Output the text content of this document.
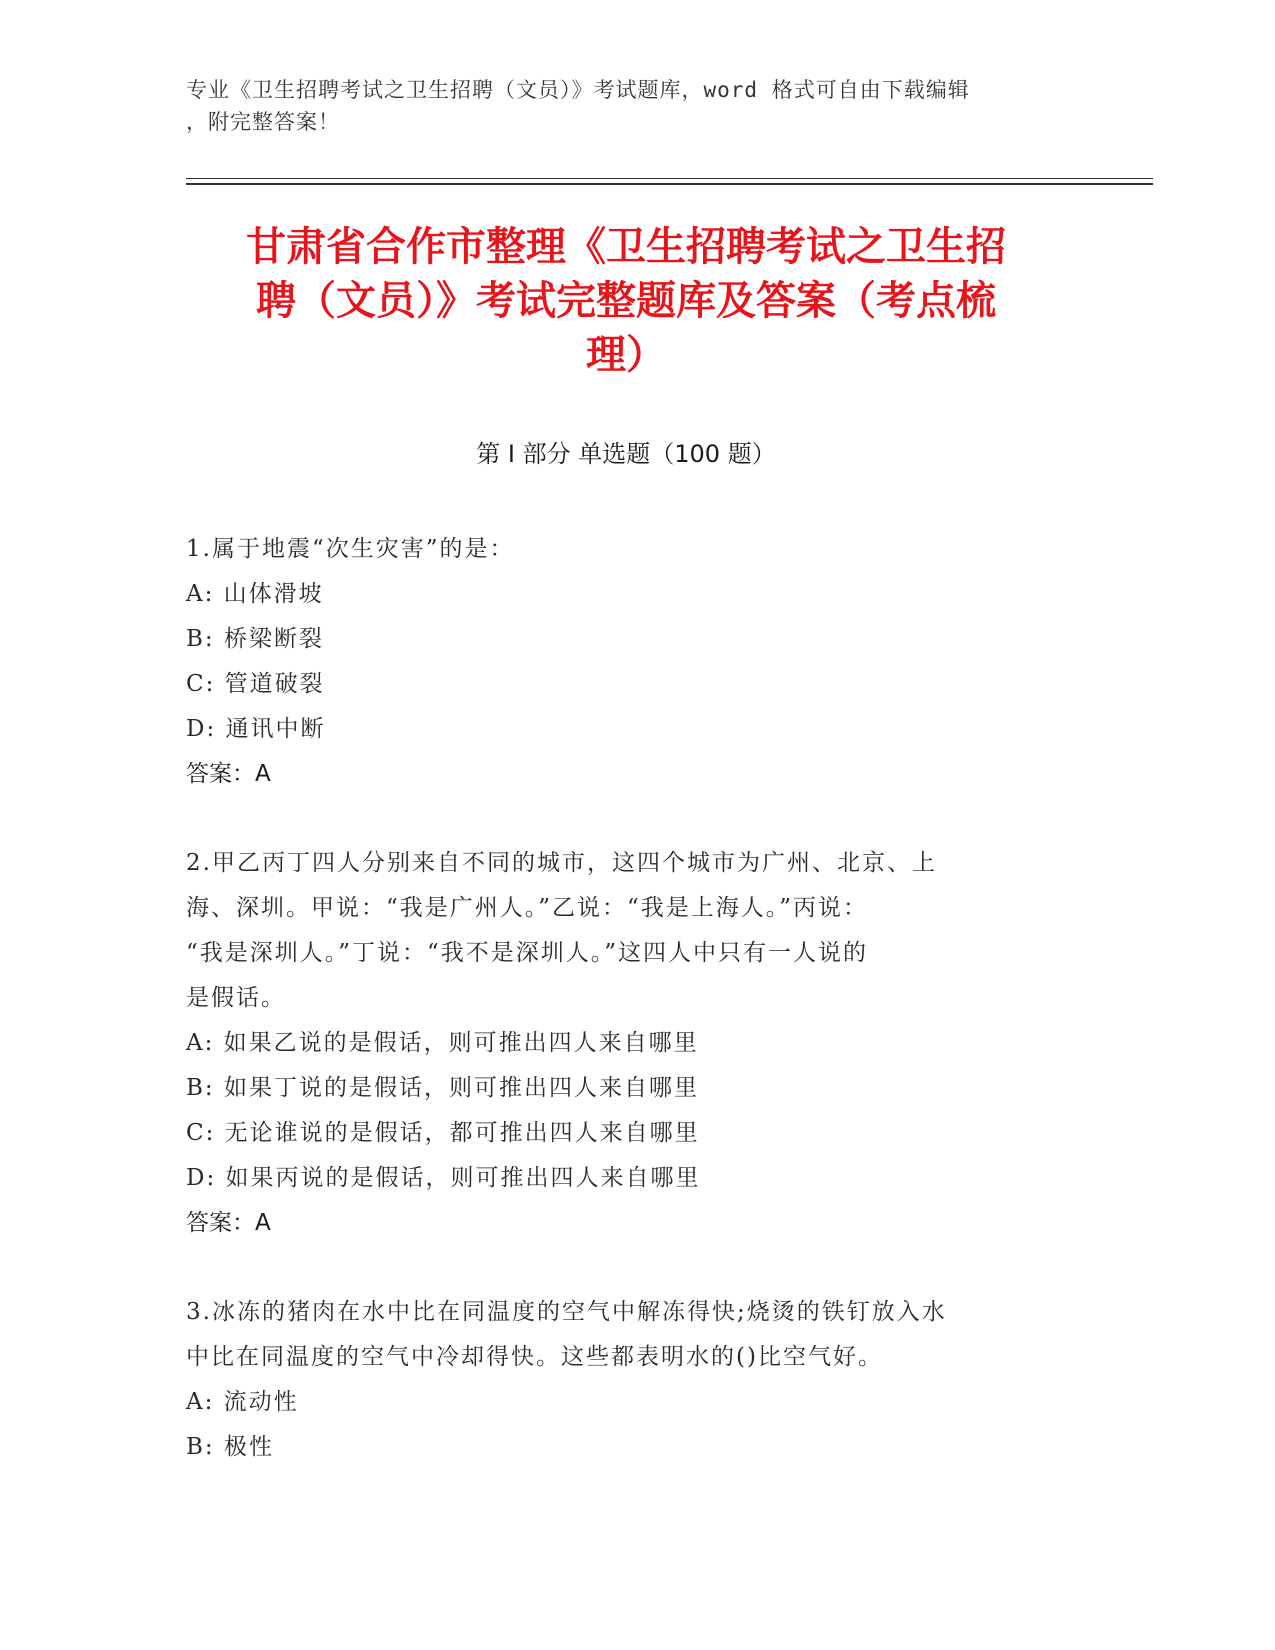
专业《卫生招聘考试之卫生招聘（文员）》考试题库，word 格式可自由下载编辑
，附完整答案！
甘肃省合作市整理《卫生招聘考试之卫生招
聘（文员）》考试完整题库及答案（考点梳
理）
第 I 部分 单选题（100 题）

1.属于地震“次生灾害”的是：

A: 山体滑坡

B: 桥梁断裂

C: 管道破裂

D: 通讯中断

答案：A

2.甲乙丙丁四人分别来自不同的城市，这四个城市为广州、北京、上

海、深圳。甲说：“我是广州人。”乙说：“我是上海人。”丙说：

“我是深圳人。”丁说：“我不是深圳人。”这四人中只有一人说的

是假话。

A: 如果乙说的是假话，则可推出四人来自哪里

B: 如果丁说的是假话，则可推出四人来自哪里

C: 无论谁说的是假话，都可推出四人来自哪里

D: 如果丙说的是假话，则可推出四人来自哪里

答案：A

3.冰冻的猪肉在水中比在同温度的空气中解冻得快;烧烫的铁钉放入水

中比在同温度的空气中冷却得快。这些都表明水的()比空气好。

A: 流动性

B: 极性
